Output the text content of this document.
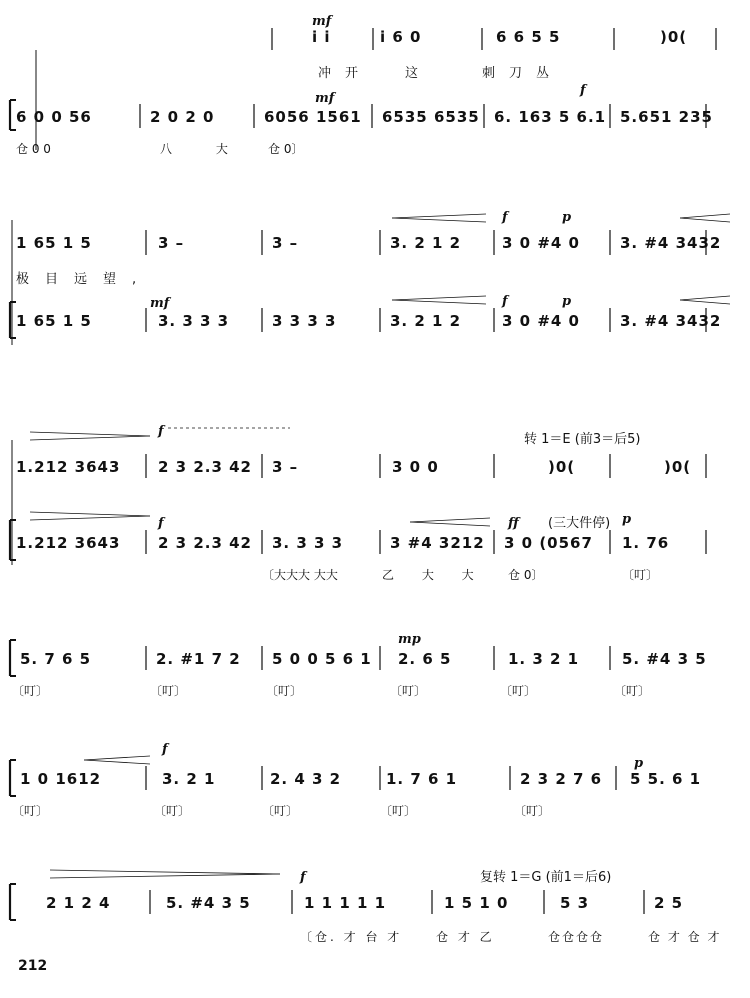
mf
i i	i 6 0	6 6 5 5	)0(
冲开	这	刺刀丛
mf
f
6 0 0 56	2 0 2 0	6056 1561 6535 6535 6. 163 5 6.1 5.651 235
仓 0 0	八 大 仓 0〕
f	p
1 65 1 5	3 –	3 –	3. 2 1 2	3 0 #4 0	3. #4 3432
极目远望,
mf	f	p
1 65 1 5	3. 3 3 3	3 3 3 3	3. 2 1 2	3 0 #4 0	3. #4 3432
f
转 1＝E (前3＝后5)
1.212 3643	2 3 2.3 42 3 –	3 0 0	)0(	)0(
f	ff (三大件停) p
1.212 3643	2 3 2.3 42 3. 3 3 3	3 #4 3212 3 0 (0567 1. 76
〔大大大 大大	乙 大 大 仓 0〕	〔叮〕
mp
5. 7 6 5	2. #1 7 2 5 0 0 5 6 1 2. 6 5	1. 3 2 1	5. #4 3 5
〔叮〕	〔叮〕	〔叮〕	〔叮〕	〔叮〕	〔叮〕
f
p
1 0 1612	3. 2 1	2. 4 3 2	1. 7 6 1	2 3 2 7 6 5 5. 6 1
〔叮〕	〔叮〕	〔叮〕	〔叮〕	〔叮〕
f	复转 1＝G (前1＝后6)
2 1 2 4	5. #4 3 5	1 1 1 1 1	1 5 1 0	5 3	2 5
〔仓. 才 台 才	仓 才 乙	仓仓仓仓	仓 才 仓 才
212
